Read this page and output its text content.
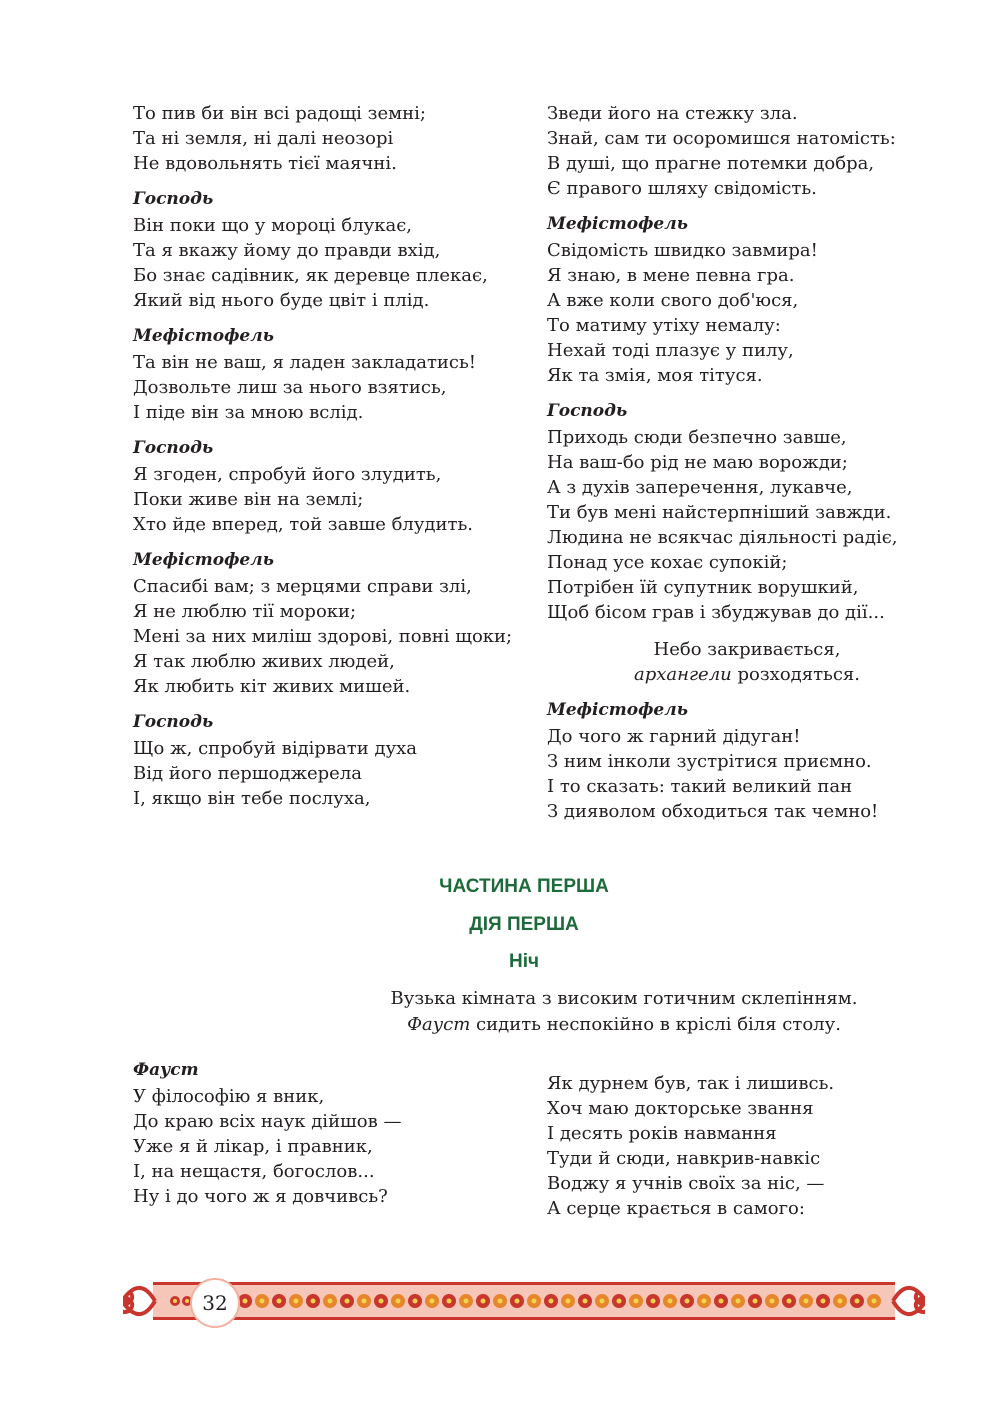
То пив би він всі радощі земні;
Та ні земля, ні далі неозорі
Не вдовольнять тієї маячні.
Господь
Він поки що у мороці блукає,
Та я вкажу йому до правди вхід,
Бо знає садівник, як деревце плекає,
Який від нього буде цвіт і плід.
Мефістофель
Та він не ваш, я ладен закладатись!
Дозвольте лиш за нього взятись,
І піде він за мною вслід.
Господь
Я згоден, спробуй його злудить,
Поки живе він на землі;
Хто йде вперед, той завше блудить.
Мефістофель
Спасибі вам; з мерцями справи злі,
Я не люблю тії мороки;
Мені за них миліш здорові, повні щоки;
Я так люблю живих людей,
Як любить кіт живих мишей.
Господь
Що ж, спробуй відірвати духа
Від його першоджерела
І, якщо він тебе послуха,
Зведи його на стежку зла.
Знай, сам ти осоромишся натомість:
В душі, що прагне потемки добра,
Є правого шляху свідомість.
Мефістофель
Свідомість швидко завмира!
Я знаю, в мене певна гра.
А вже коли свого доб'юся,
То матиму утіху немалу:
Нехай тоді плазує у пилу,
Як та змія, моя тітуся.
Господь
Приходь сюди безпечно завше,
На ваш-бо рід не маю ворожди;
А з духів заперечення, лукавче,
Ти був мені найстерпніший завжди.
Людина не всякчас діяльності радіє,
Понад усе кохає супокій;
Потрібен їй супутник ворушкий,
Щоб бісом грав і збуджував до дії...
Небо закривається,
архангели розходяться.
Мефістофель
До чого ж гарний дідуган!
З ним інколи зустрітися приємно.
І то сказать: такий великий пан
З дияволом обходиться так чемно!
ЧАСТИНА ПЕРША
ДІЯ ПЕРША
Ніч
Вузька кімната з високим готичним склепінням.
Фауст сидить неспокійно в кріслі біля столу.
Фауст
У філософію я вник,
До краю всіх наук дійшов —
Уже я й лікар, і правник,
І, на нещастя, богослов...
Ну і до чого ж я довчивсь?
Як дурнем був, так і лишивсь.
Хоч маю докторське звання
І десять років навмання
Туди й сюди, навкрив-навкіс
Воджу я учнів своїх за ніс, —
А серце крається в самого:
32
